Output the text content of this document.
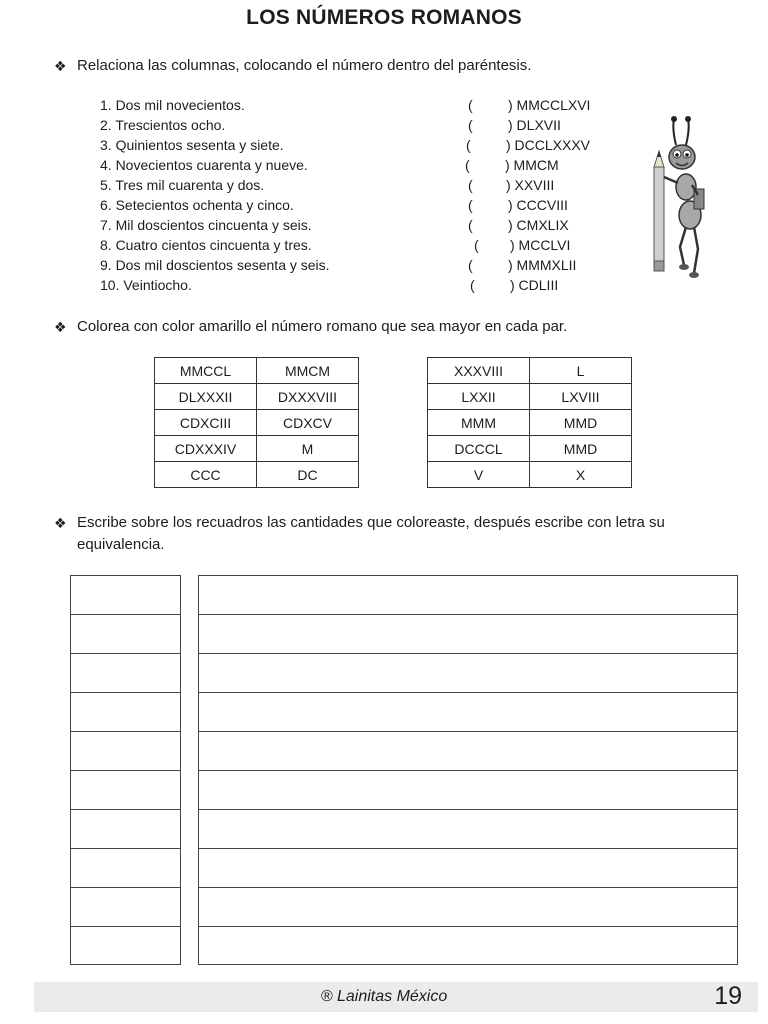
LOS NÚMEROS ROMANOS
❖ Relaciona las columnas, colocando el número dentro del paréntesis.
1. Dos mil novecientos.	(	) MMCCLXVI
2. Trescientos ocho.	(	) DLXVII
3. Quinientos sesenta y siete.	(	) DCCLXXXV
4. Novecientos cuarenta y nueve.	(	) MMCM
5. Tres mil cuarenta y dos.	( ) XXVIII
6. Setecientos ochenta y cinco.	(	) CCCVIII
7. Mil doscientos cincuenta y seis.	(	) CMXLIX
8. Cuatro cientos cincuenta y tres.	( ) MCCLVI
9. Dos mil doscientos sesenta y seis.	(	) MMMXLII
10. Veintiocho.	(	) CDLIII
❖ Colorea con color amarillo el número romano que sea mayor en cada par.
MMCCL	MMCM
DLXXXII	DXXXVIII
CDXCIII	CDXCV
CDXXXIV	M
CCC	DC
XXXVIII	L
LXXII	LXVIII
MMM	MMD
DCCCL	MMD
V	X
❖ Escribe sobre los recuadros las cantidades que coloreaste, después escribe con letra su equivalencia.
® Lainitas México	19
